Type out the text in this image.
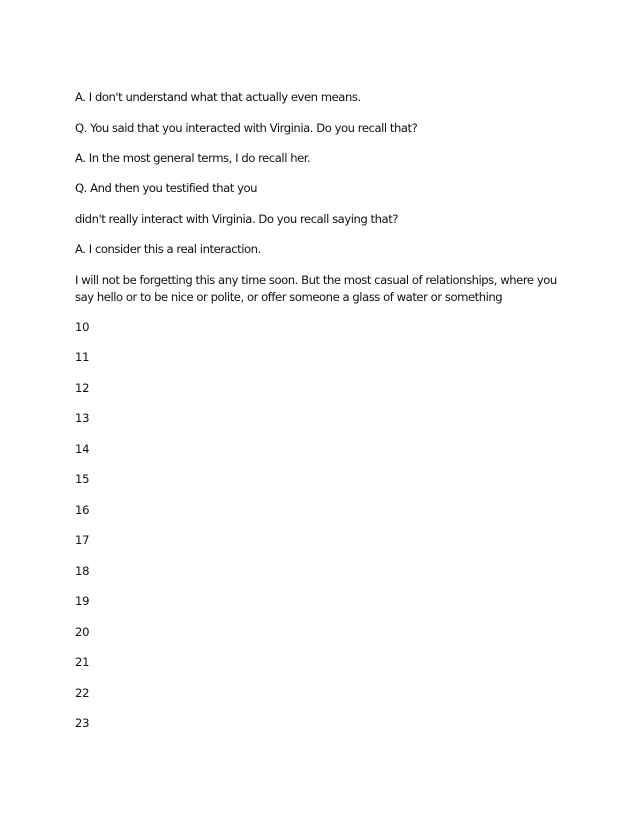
A. I don't understand what that actually even means.

Q. You said that you interacted with Virginia. Do you recall that?

A. In the most general terms, I do recall her.

Q. And then you testified that you

didn't really interact with Virginia. Do you recall saying that?

A. I consider this a real interaction.

I will not be forgetting this any time soon. But the most casual of relationships, where you say hello or to be nice or polite, or offer someone a glass of water or something

10
11
12
13
14
15
16
17
18
19
20
21
22
23
